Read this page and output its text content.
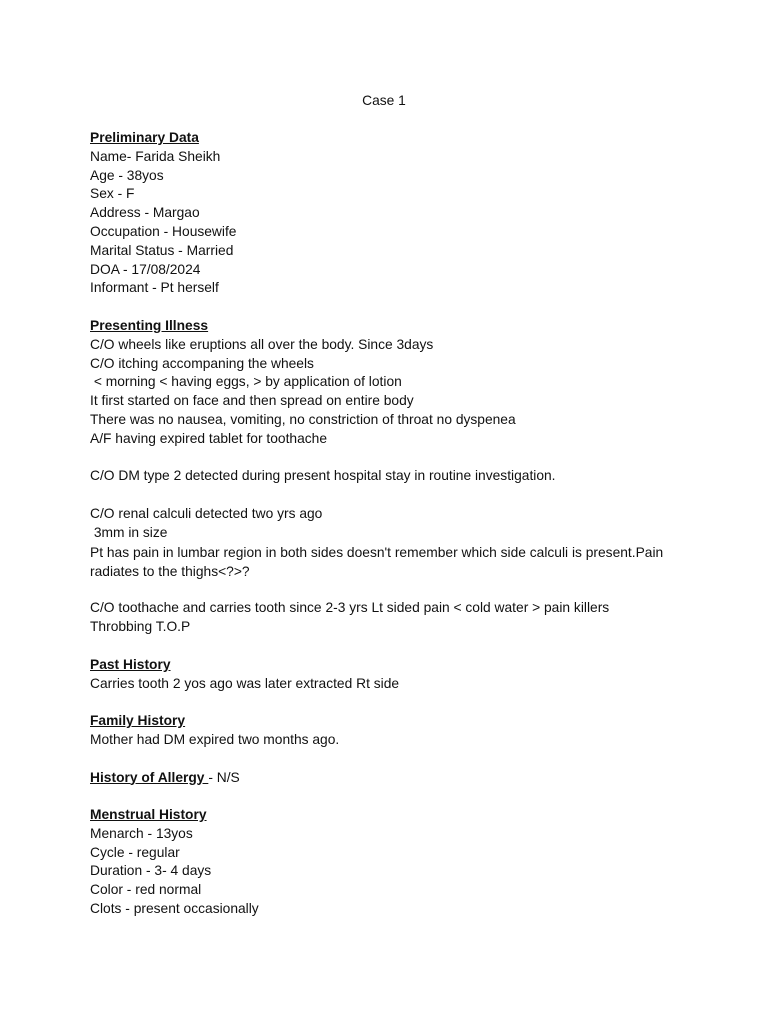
Case 1
Preliminary Data
Name- Farida Sheikh
Age - 38yos
Sex - F
Address - Margao
Occupation - Housewife
Marital Status - Married
DOA - 17/08/2024
Informant - Pt herself
Presenting Illness
C/O wheels like eruptions all over the body. Since 3days
C/O itching accompaning the wheels
< morning < having eggs, > by application of lotion
It first started on face and then spread on entire body
There was no nausea, vomiting, no constriction of throat no dyspenea
A/F having expired tablet for toothache
C/O DM type 2 detected during present hospital stay in routine investigation.
C/O renal calculi detected two yrs ago
3mm in size
Pt has pain in lumbar region in both sides doesn't remember which side calculi is present.Pain radiates to the thighs<?>?
C/O toothache and carries tooth since 2-3 yrs Lt sided pain < cold water > pain killers
Throbbing T.O.P
Past History
Carries tooth 2 yos ago was later extracted Rt side
Family History
Mother had DM expired two months ago.
History of Allergy - N/S
Menstrual History
Menarch - 13yos
Cycle - regular
Duration - 3- 4 days
Color - red normal
Clots - present occasionally
